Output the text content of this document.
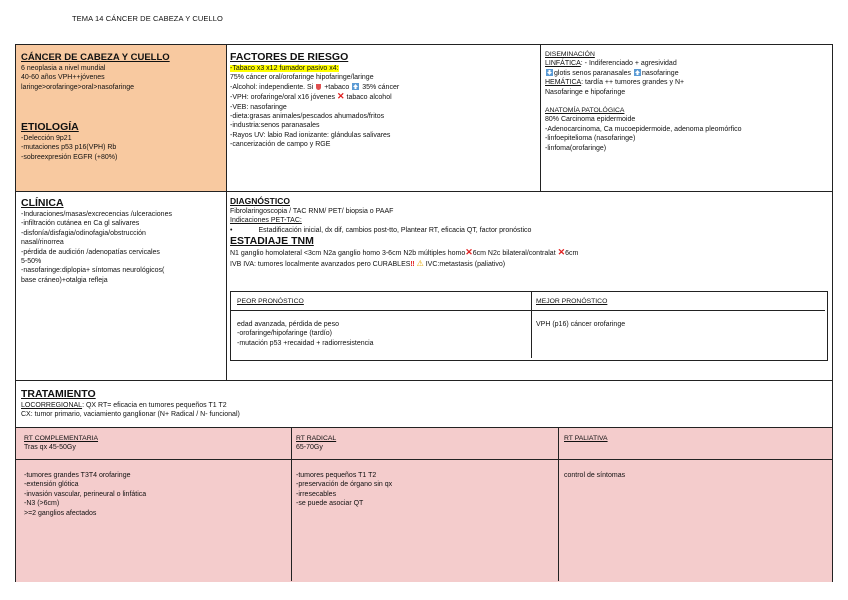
TEMA 14 CÁNCER DE CABEZA Y CUELLO
CÁNCER DE CABEZA Y CUELLO
6 neoplasia a nivel mundial
40-60 años VPH++jóvenes
laringe>orofaringe>oral>nasofaringe
ETIOLOGÍA
-Delección 9p21
-mutaciones p53 p16(VPH) Rb
-sobreexpresión EGFR (+80%)
FACTORES DE RIESGO
-Tabaco x3 x12 fumador pasivo x4:
75% cáncer oral/orofaringe hipofaringe/laringe
-Alcohol: independiente. Si  +tabaco 35% cáncer
-VPH: orofaringe/oral x16 jóvenes ✕ tabaco alcohol
-VEB: nasofaringe
-dieta:grasas animales/pescados ahumados/fritos
-industria:senos paranasales
-Rayos UV: labio Rad ionizante: glándulas salivares
-cancerización de campo y RGE
DISEMINACIÓN
LINFÁTICA: - Indiferenciado + agresividad
glotis senos paranasales nasofaringe
HEMÁTICA: tardía ++ tumores grandes y N+
Nasofaringe e hipofaringe
ANATOMÍA PATOLÓGICA
80% Carcinoma epidermoide
-Adenocarcinoma, Ca mucoepidermoide, adenoma pleomórfico
-linfoepitelioma (nasofaringe)
-linfoma(orofaringe)
CLÍNICA
-Induraciones/masas/excrecencias /ulceraciones
-infiltración cutánea en Ca gl salivares
-disfonía/disfagia/odinofagia/obstrucción
nasal/rinorrea
-pérdida de audición /adenopatías cervicales
5-50%
-nasofaringe:diplopia+ síntomas neurológicos(
base cráneo)+otalgia refleja
DIAGNÓSTICO
Fibrolaringoscopia / TAC RNM/ PET/ biopsia o PAAF
Indicaciones PET-TAC:
•	Estadificación inicial, dx dif, cambios post-tto, Plantear RT, eficacia QT, factor pronóstico
ESTADIAJE TNM
N1 ganglio homolateral <3cm N2a ganglio homo 3-6cm N2b múltiples homo✕6cm N2c bilateral/contralat ✕6cm
IVB IVA: tumores localmente avanzados pero CURABLES‼ ⚠ IVC:metastasis (paliativo)
PEOR PRONÓSTICO	MEJOR PRONÓSTICO
edad avanzada, pérdida de peso
-orofaringe/hipofaringe (tardío)
-mutación p53 +recaidad + radiorresistencia
VPH (p16) cáncer orofaringe
TRATAMIENTO
LOCORREGIONAL: QX RT= eficacia en tumores pequeños T1 T2
CX: tumor primario, vaciamiento ganglionar (N+ Radical / N- funcional)
RT COMPLEMENTARIA
Tras qx 45-50Gy
RT RADICAL
65-70Gy
RT PALIATIVA
-tumores grandes T3T4 orofaringe
-extensión glótica
-invasión vascular, perineural o linfática
-N3 (>6cm)
>=2 ganglios afectados
-tumores pequeños T1 T2
-preservación de órgano sin qx
-irresecables
-se puede asociar QT
control de síntomas
